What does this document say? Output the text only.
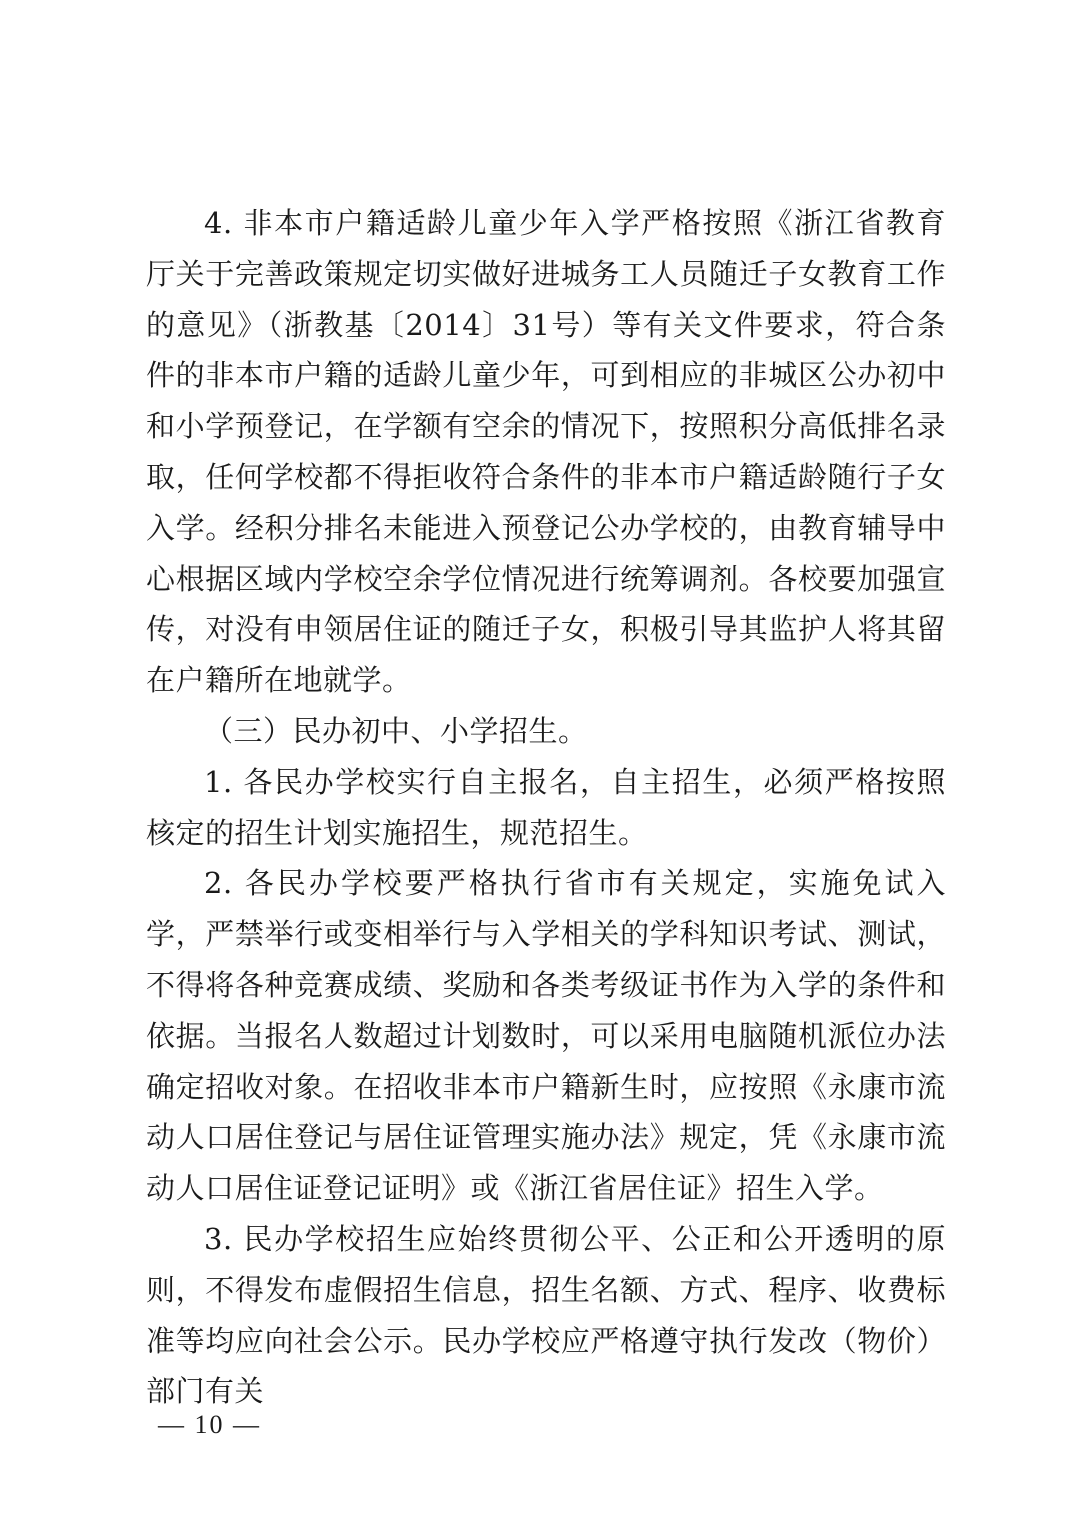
4. 非本市户籍适龄儿童少年入学严格按照《浙江省教育厅关于完善政策规定切实做好进城务工人员随迁子女教育工作的意见》（浙教基〔2014〕31号）等有关文件要求，符合条件的非本市户籍的适龄儿童少年，可到相应的非城区公办初中和小学预登记，在学额有空余的情况下，按照积分高低排名录取，任何学校都不得拒收符合条件的非本市户籍适龄随行子女入学。经积分排名未能进入预登记公办学校的，由教育辅导中心根据区域内学校空余学位情况进行统筹调剂。各校要加强宣传，对没有申领居住证的随迁子女，积极引导其监护人将其留在户籍所在地就学。

（三）民办初中、小学招生。

1. 各民办学校实行自主报名，自主招生，必须严格按照核定的招生计划实施招生，规范招生。

2. 各民办学校要严格执行省市有关规定，实施免试入学，严禁举行或变相举行与入学相关的学科知识考试、测试，不得将各种竞赛成绩、奖励和各类考级证书作为入学的条件和依据。当报名人数超过计划数时，可以采用电脑随机派位办法确定招收对象。在招收非本市户籍新生时，应按照《永康市流动人口居住登记与居住证管理实施办法》规定，凭《永康市流动人口居住证登记证明》或《浙江省居住证》招生入学。

3. 民办学校招生应始终贯彻公平、公正和公开透明的原则，不得发布虚假招生信息，招生名额、方式、程序、收费标准等均应向社会公示。民办学校应严格遵守执行发改（物价）部门有关

— 10 —
